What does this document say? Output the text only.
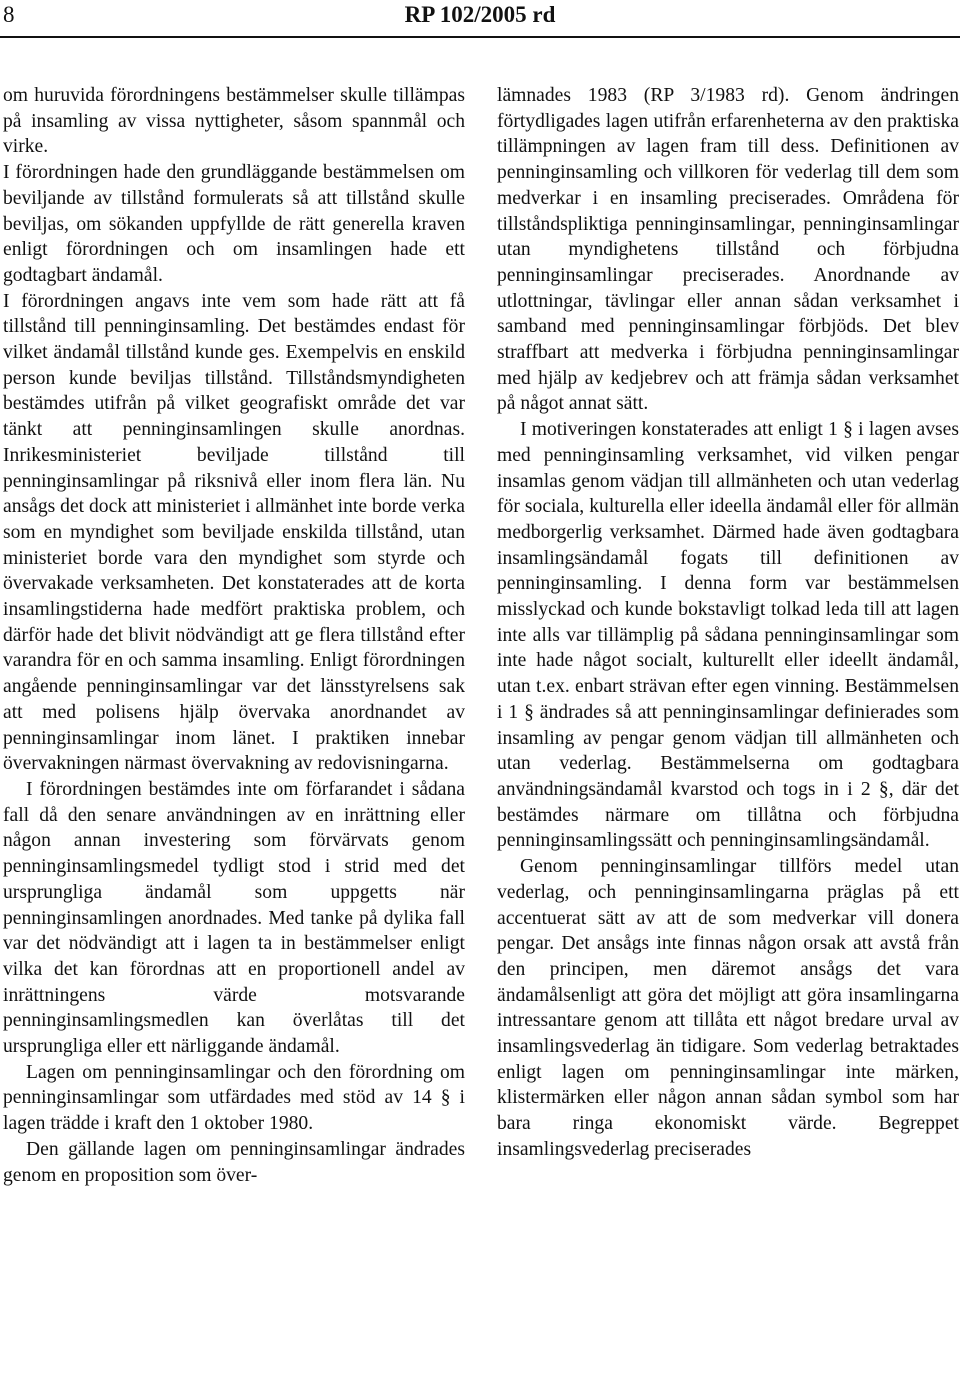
8	RP 102/2005 rd

om huruvida förordningens bestämmelser skulle tillämpas på insamling av vissa nyttigheter, såsom spannmål och virke.

I förordningen hade den grundläggande bestämmelsen om beviljande av tillstånd formulerats så att tillstånd skulle beviljas, om sökanden uppfyllde de rätt generella kraven enligt förordningen och om insamlingen hade ett godtagbart ändamål.

I förordningen angavs inte vem som hade rätt att få tillstånd till penninginsamling. Det bestämdes endast för vilket ändamål tillstånd kunde ges. Exempelvis en enskild person kunde beviljas tillstånd. Tillståndsmyndigheten bestämdes utifrån på vilket geografiskt område det var tänkt att penninginsamlingen skulle anordnas. Inrikesministeriet beviljade tillstånd till penninginsamlingar på riksnivå eller inom flera län. Nu ansågs det dock att ministeriet i allmänhet inte borde verka som en myndighet som beviljade enskilda tillstånd, utan ministeriet borde vara den myndighet som styrde och övervakade verksamheten. Det konstaterades att de korta insamlingstiderna hade medfört praktiska problem, och därför hade det blivit nödvändigt att ge flera tillstånd efter varandra för en och samma insamling. Enligt förordningen angående penninginsamlingar var det länsstyrelsens sak att med polisens hjälp övervaka anordnandet av penninginsamlingar inom länet. I praktiken innebar övervakningen närmast övervakning av redovisningarna.

I förordningen bestämdes inte om förfarandet i sådana fall då den senare användningen av en inrättning eller någon annan investering som förvärvats genom penninginsamlingsmedel tydligt stod i strid med det ursprungliga ändamål som uppgetts när penninginsamlingen anordnades. Med tanke på dylika fall var det nödvändigt att i lagen ta in bestämmelser enligt vilka det kan förordnas att en proportionell andel av inrättningens värde motsvarande penninginsamlingsmedlen kan överlåtas till det ursprungliga eller ett närliggande ändamål.

Lagen om penninginsamlingar och den förordning om penninginsamlingar som utfärdades med stöd av 14 § i lagen trädde i kraft den 1 oktober 1980.

Den gällande lagen om penninginsamlingar ändrades genom en proposition som över-

lämnades 1983 (RP 3/1983 rd). Genom ändringen förtydligades lagen utifrån erfarenheterna av den praktiska tillämpningen av lagen fram till dess. Definitionen av penninginsamling och villkoren för vederlag till dem som medverkar i en insamling preciserades. Områdena för tillståndspliktiga penninginsamlingar, penninginsamlingar utan myndighetens tillstånd och förbjudna penninginsamlingar preciserades. Anordnande av utlottningar, tävlingar eller annan sådan verksamhet i samband med penninginsamlingar förbjöds. Det blev straffbart att medverka i förbjudna penninginsamlingar med hjälp av kedjebrev och att främja sådan verksamhet på något annat sätt.

I motiveringen konstaterades att enligt 1 § i lagen avses med penninginsamling verksamhet, vid vilken pengar insamlas genom vädjan till allmänheten och utan vederlag för sociala, kulturella eller ideella ändamål eller för allmän medborgerlig verksamhet. Därmed hade även godtagbara insamlingsändamål fogats till definitionen av penninginsamling. I denna form var bestämmelsen misslyckad och kunde bokstavligt tolkad leda till att lagen inte alls var tillämplig på sådana penninginsamlingar som inte hade något socialt, kulturellt eller ideellt ändamål, utan t.ex. enbart strävan efter egen vinning. Bestämmelsen i 1 § ändrades så att penninginsamlingar definierades som insamling av pengar genom vädjan till allmänheten och utan vederlag. Bestämmelserna om godtagbara användningsändamål kvarstod och togs in i 2 §, där det bestämdes närmare om tillåtna och förbjudna penninginsamlingssätt och penninginsamlingsändamål.

Genom penninginsamlingar tillförs medel utan vederlag, och penninginsamlingarna präglas på ett accentuerat sätt av att de som medverkar vill donera pengar. Det ansågs inte finnas någon orsak att avstå från den principen, men däremot ansågs det vara ändamålsenligt att göra det möjligt att göra insamlingarna intressantare genom att tillåta ett något bredare urval av insamlingsvederlag än tidigare. Som vederlag betraktades enligt lagen om penninginsamlingar inte märken, klistermärken eller någon annan sådan symbol som har bara ringa ekonomiskt värde. Begreppet insamlingsvederlag preciserades
